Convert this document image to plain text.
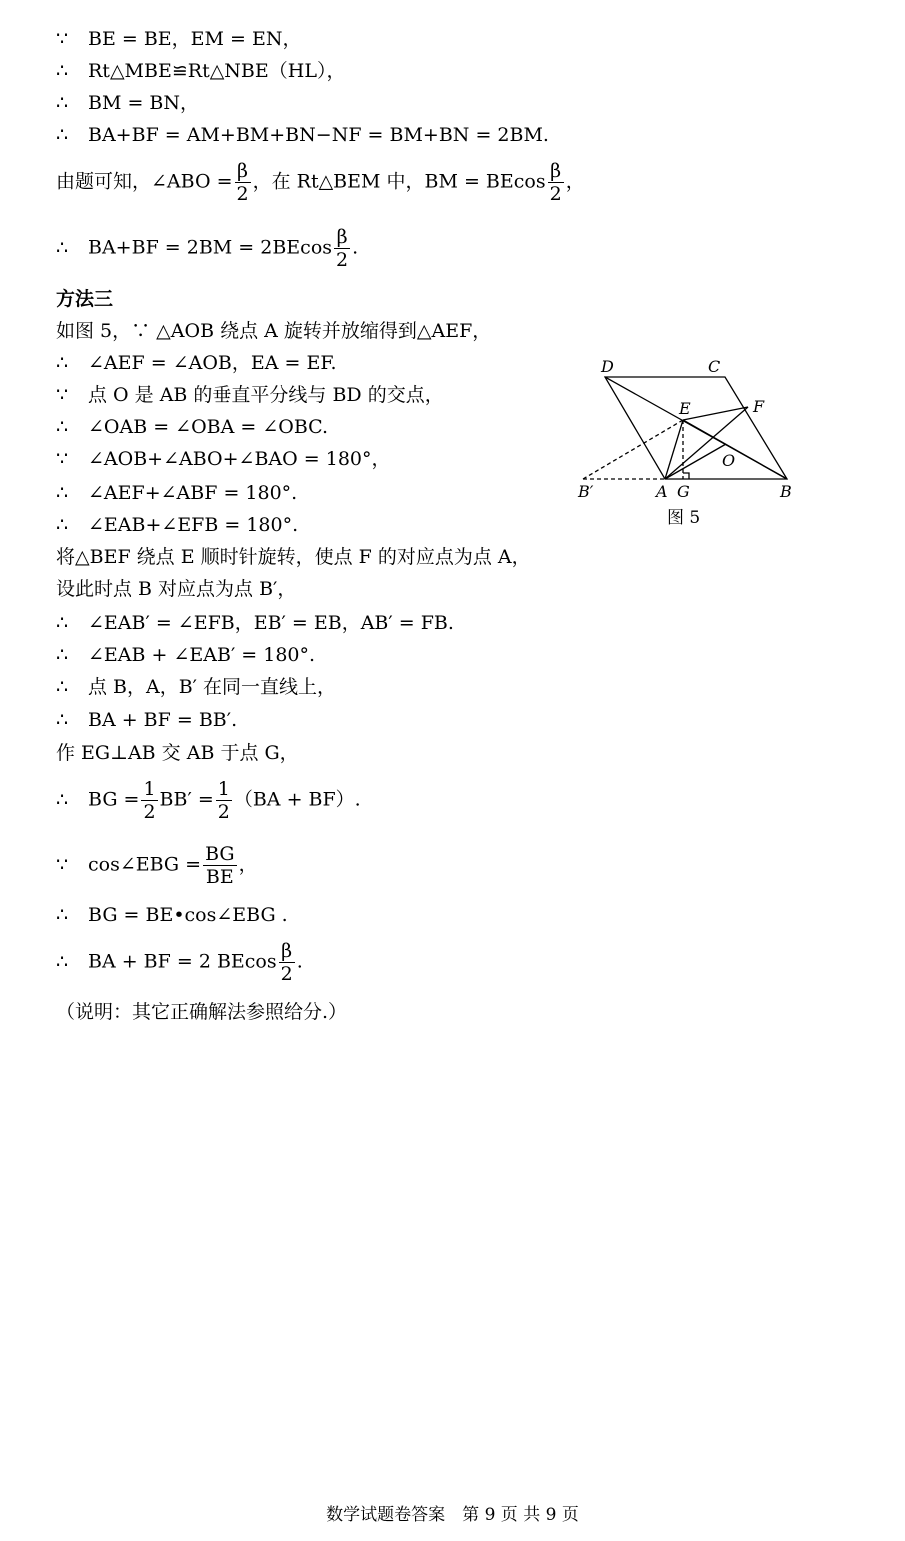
∵ BE = BE，EM = EN，
∴ Rt△MBE≌Rt△NBE（HL），
∴ BM = BN，
∴ BA+BF = AM+BM+BN−NF = BM+BN = 2BM.
由题可知，∠ABO = $\frac{\beta}{2}$ ，在 Rt△BEM 中，BM = BEcos $\frac{\beta}{2}$ ，
∴ $BA+BF = 2BM = 2BEcos \frac{\beta}{2}$ .
方法三
如图 5，∵ △AOB 绕点 A 旋转并放缩得到△AEF，
∴ ∠AEF = ∠AOB，EA = EF.
∵ 点 O 是 AB 的垂直平分线与 BD 的交点，
∴ ∠OAB = ∠OBA = ∠OBC.
∵ ∠AOB+∠ABO+∠BAO = 180°，
∴ ∠AEF+∠ABF = 180°.
∴ ∠EAB+∠EFB = 180°.
将△BEF 绕点 E 顺时针旋转，使点 F 的对应点为点 A，
设此时点 B 对应点为点 B′，
∴ ∠EAB′ = ∠EFB，EB′ = EB，AB′ = FB.
∴ ∠EAB + ∠EAB′ = 180°.
∴ 点 B，A，B′ 在同一直线上，
∴ BA + BF = BB′.
作 EG⊥AB 交 AB 于点 G，
∴ BG = $\frac{1}{2} BB' = \frac{1}{2} (BA + BF)$.
∵ cos∠EBG = $\frac{BG}{BE}$ ，
∴ BG = BE•cos∠EBG .
∴ BA + BF = 2 BEcos $\frac{\beta}{2}$ .
（说明：其它正确解法参照给分.）
D	C
E	F
O
B′	A G	B
图 5
数学试题卷答案　第 9 页 共 9 页
